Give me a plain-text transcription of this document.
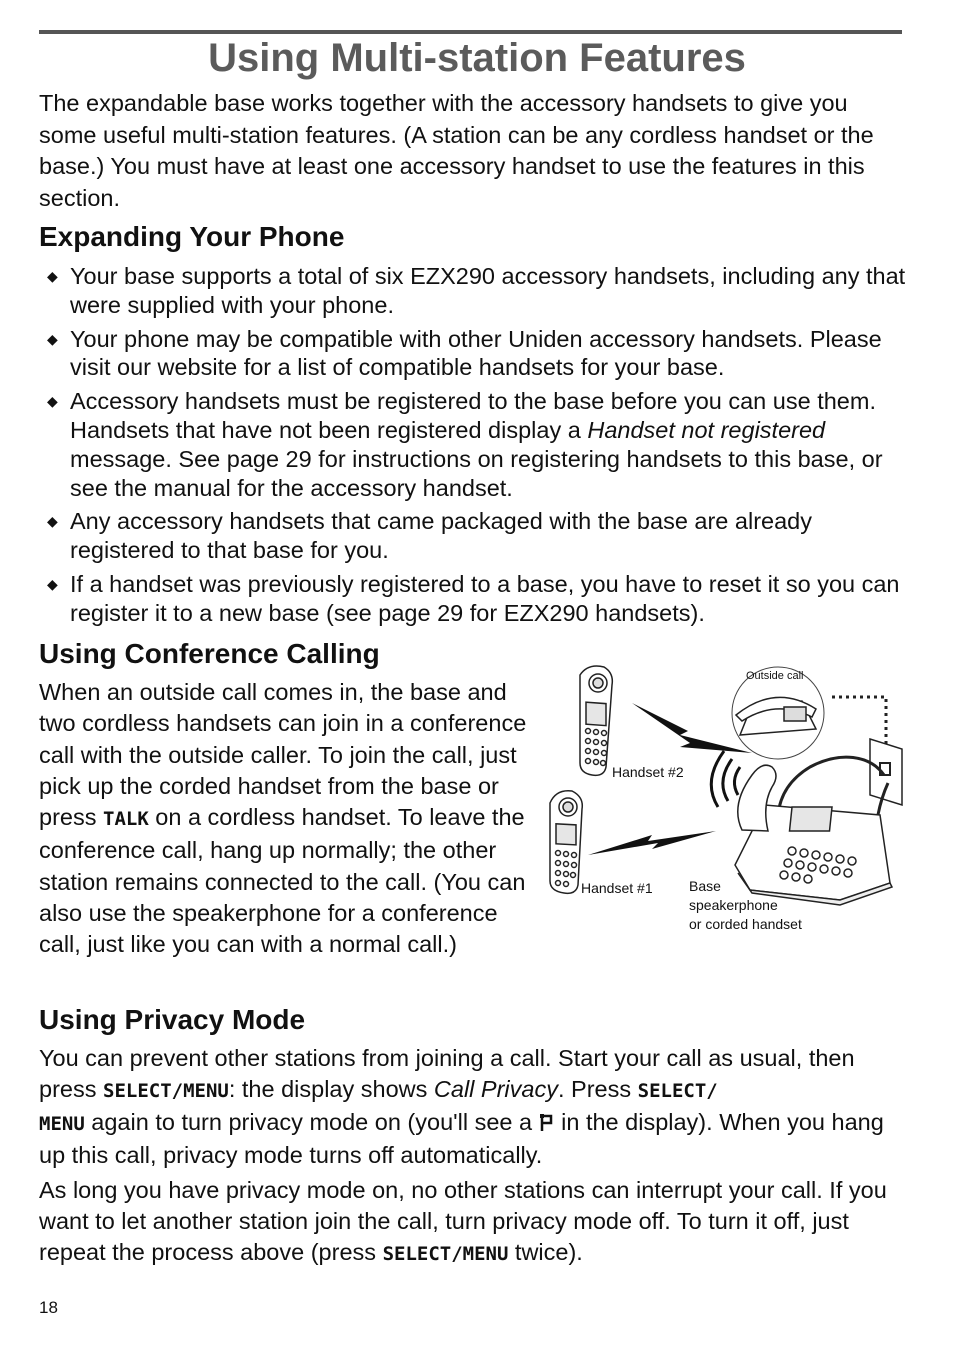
Using Multi-station Features

The expandable base works together with the accessory handsets to give you some useful multi-station features. (A station can be any cordless handset or the base.) You must have at least one accessory handset to use the features in this section.

Expanding Your Phone
◆ Your base supports a total of six EZX290 accessory handsets, including any that were supplied with your phone.
◆ Your phone may be compatible with other Uniden accessory handsets. Please visit our website for a list of compatible handsets for your base.
◆ Accessory handsets must be registered to the base before you can use them. Handsets that have not been registered display a Handset not registered message. See page 29 for instructions on registering handsets to this base, or see the manual for the accessory handset.
◆ Any accessory handsets that came packaged with the base are already registered to that base for you.
◆ If a handset was previously registered to a base, you have to reset it so you can register it to a new base (see page 29 for EZX290 handsets).
Using Conference Calling

When an outside call comes in, the base and two cordless handsets can join in a conference call with the outside caller. To join the call, just pick up the corded handset from the base or press TALK on a cordless handset. To leave the conference call, hang up normally; the other station remains connected to the call. (You can also use the speakerphone for a conference call, just like you can with a normal call.)

Outside call
Handset #2
Handset #1	Base
speakerphone
or corded handset
Using Privacy Mode

You can prevent other stations from joining a call. Start your call as usual, then press SELECT/MENU: the display shows Call Privacy. Press SELECT/
MENU again to turn privacy mode on (you'll see a  in the display). When you hang up this call, privacy mode turns off automatically.

As long you have privacy mode on, no other stations can interrupt your call. If you want to let another station join the call, turn privacy mode off. To turn it off, just repeat the process above (press SELECT/MENU twice).

18
